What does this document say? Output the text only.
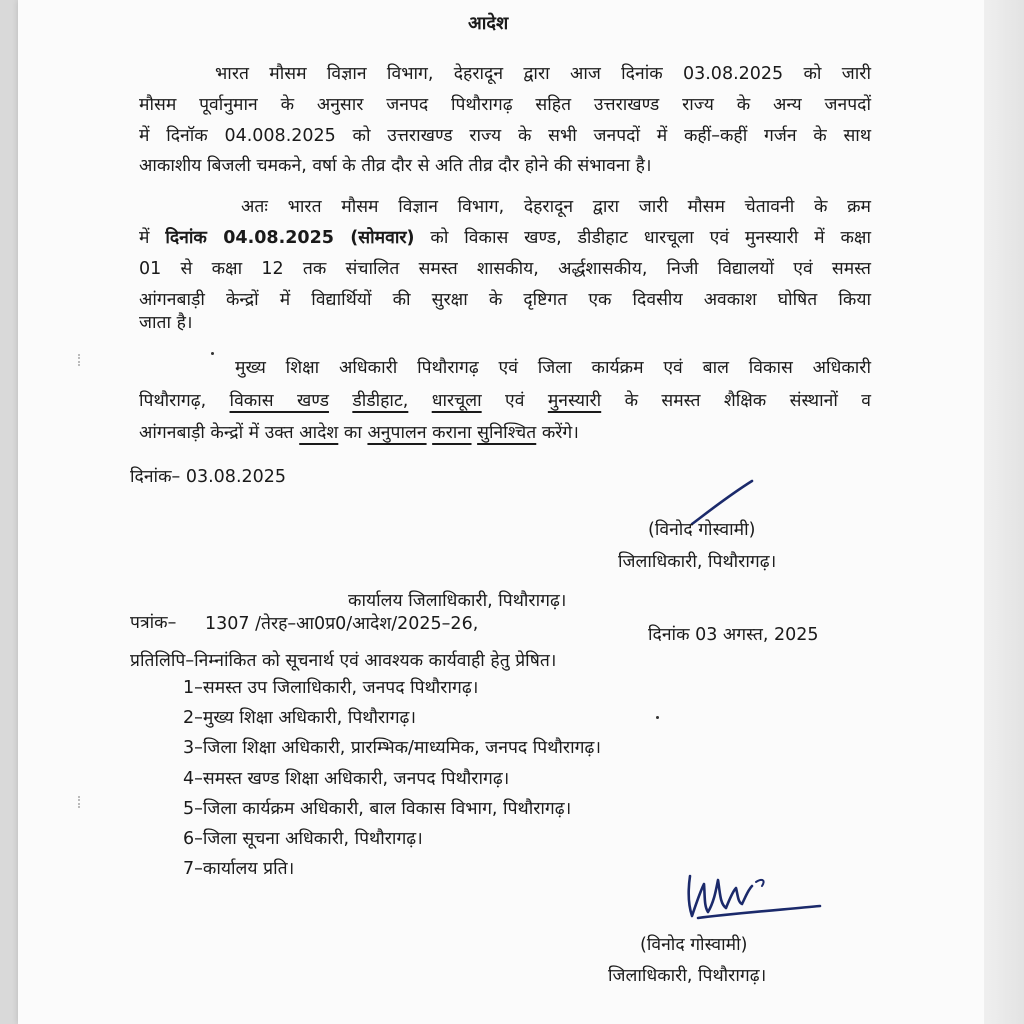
आदेश
भारत मौसम विज्ञान विभाग, देहरादून द्वारा आज दिनांक 03.08.2025 को जारी
मौसम पूर्वानुमान के अनुसार जनपद पिथौरागढ़ सहित उत्तराखण्ड राज्य के अन्य जनपदों
में दिनॉक 04.008.2025 को उत्तराखण्ड राज्य के सभी जनपदों में कहीं–कहीं गर्जन के साथ
आकाशीय बिजली चमकने, वर्षा के तीव्र दौर से अति तीव्र दौर होने की संभावना है।
अतः भारत मौसम विज्ञान विभाग, देहरादून द्वारा जारी मौसम चेतावनी के क्रम
में दिनांक 04.08.2025 (सोमवार) को विकास खण्ड, डीडीहाट धारचूला एवं मुनस्यारी में कक्षा
01 से कक्षा 12 तक संचालित समस्त शासकीय, अर्द्धशासकीय, निजी विद्यालयों एवं समस्त
आंगनबाड़ी केन्द्रों में विद्यार्थियों की सुरक्षा के दृष्टिगत एक दिवसीय अवकाश घोषित किया
जाता है।
मुख्य शिक्षा अधिकारी पिथौरागढ़ एवं जिला कार्यक्रम एवं बाल विकास अधिकारी
पिथौरागढ़, विकास खण्ड डीडीहाट, धारचूला एवं मुनस्यारी के समस्त शैक्षिक संस्थानों व
आंगनबाड़ी केन्द्रों में उक्त आदेश का अनुपालन कराना सुनिश्चित करेंगे।
दिनांक– 03.08.2025
(विनोद गोस्वामी)
जिलाधिकारी, पिथौरागढ़।
कार्यालय जिलाधिकारी, पिथौरागढ़।
पत्रांक– 1307 /तेरह–आ0प्र0/आदेश/2025–26,
दिनांक 03 अगस्त, 2025
प्रतिलिपि–निम्नांकित को सूचनार्थ एवं आवश्यक कार्यवाही हेतु प्रेषित।
1–समस्त उप जिलाधिकारी, जनपद पिथौरागढ़।
2–मुख्य शिक्षा अधिकारी, पिथौरागढ़।
3–जिला शिक्षा अधिकारी, प्रारम्भिक/माध्यमिक, जनपद पिथौरागढ़।
4–समस्त खण्ड शिक्षा अधिकारी, जनपद पिथौरागढ़।
5–जिला कार्यक्रम अधिकारी, बाल विकास विभाग, पिथौरागढ़।
6–जिला सूचना अधिकारी, पिथौरागढ़।
7–कार्यालय प्रति।
(विनोद गोस्वामी)
जिलाधिकारी, पिथौरागढ़।
